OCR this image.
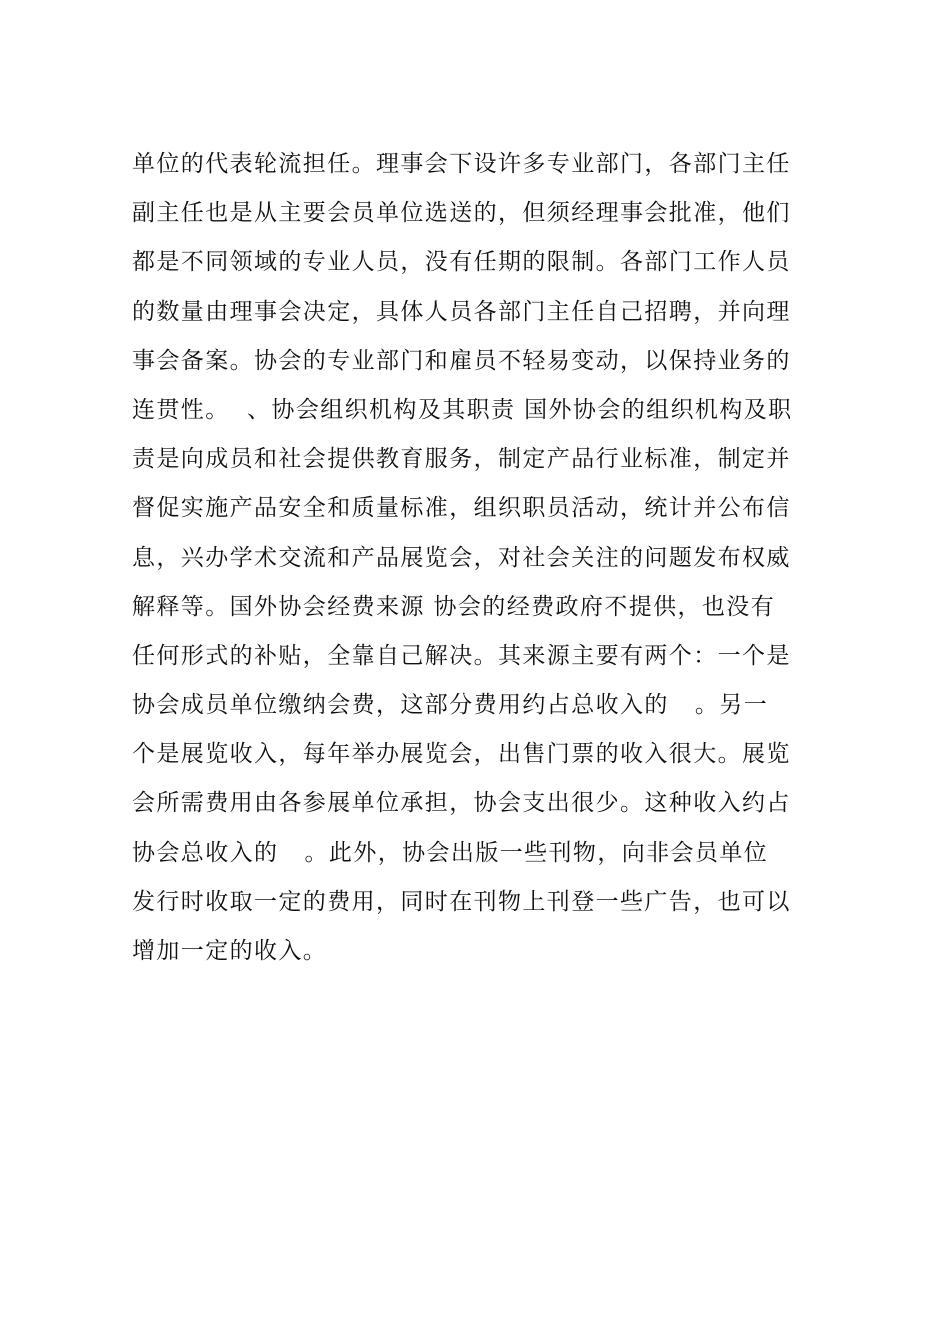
单位的代表轮流担任。理事会下设许多专业部门，各部门主任
副主任也是从主要会员单位选送的，但须经理事会批准，他们
都是不同领域的专业人员，没有任期的限制。各部门工作人员
的数量由理事会决定，具体人员各部门主任自己招聘，并向理
事会备案。协会的专业部门和雇员不轻易变动，以保持业务的
连贯性。  、协会组织机构及其职责 国外协会的组织机构及职
责是向成员和社会提供教育服务，制定产品行业标准，制定并
督促实施产品安全和质量标准，组织职员活动，统计并公布信
息，兴办学术交流和产品展览会，对社会关注的问题发布权威
解释等。国外协会经费来源 协会的经费政府不提供，也没有
任何形式的补贴，全靠自己解决。其来源主要有两个：一个是
协会成员单位缴纳会费，这部分费用约占总收入的   。另一
个是展览收入，每年举办展览会，出售门票的收入很大。展览
会所需费用由各参展单位承担，协会支出很少。这种收入约占
协会总收入的   。此外，协会出版一些刊物，向非会员单位
发行时收取一定的费用，同时在刊物上刊登一些广告，也可以
增加一定的收入。
